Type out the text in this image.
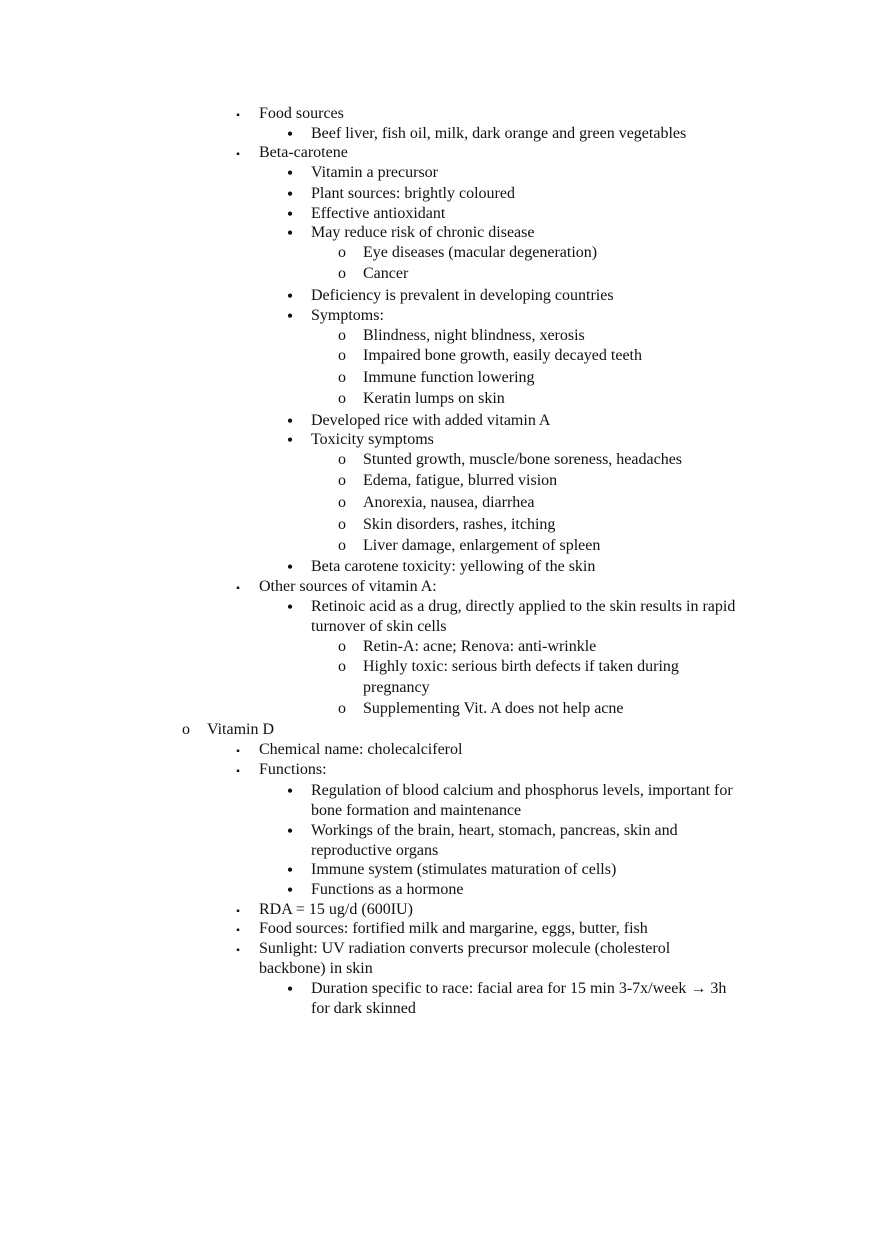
▪ Food sources
• Beef liver, fish oil, milk, dark orange and green vegetables
▪ Beta-carotene
• Vitamin a precursor
• Plant sources: brightly coloured
• Effective antioxidant
• May reduce risk of chronic disease
o Eye diseases (macular degeneration)
o Cancer
• Deficiency is prevalent in developing countries
• Symptoms:
o Blindness, night blindness, xerosis
o Impaired bone growth, easily decayed teeth
o Immune function lowering
o Keratin lumps on skin
• Developed rice with added vitamin A
• Toxicity symptoms
o Stunted growth, muscle/bone soreness, headaches
o Edema, fatigue, blurred vision
o Anorexia, nausea, diarrhea
o Skin disorders, rashes, itching
o Liver damage, enlargement of spleen
• Beta carotene toxicity: yellowing of the skin
▪ Other sources of vitamin A:
• Retinoic acid as a drug, directly applied to the skin results in rapid
turnover of skin cells
o Retin-A: acne; Renova: anti-wrinkle
o Highly toxic: serious birth defects if taken during
pregnancy
o Supplementing Vit. A does not help acne
o Vitamin D
▪ Chemical name: cholecalciferol
▪ Functions:
• Regulation of blood calcium and phosphorus levels, important for
bone formation and maintenance
• Workings of the brain, heart, stomach, pancreas, skin and
reproductive organs
• Immune system (stimulates maturation of cells)
• Functions as a hormone
▪ RDA = 15 ug/d (600IU)
▪ Food sources: fortified milk and margarine, eggs, butter, fish
▪ Sunlight: UV radiation converts precursor molecule (cholesterol
backbone) in skin
• Duration specific to race: facial area for 15 min 3-7x/week → 3h
for dark skinned
